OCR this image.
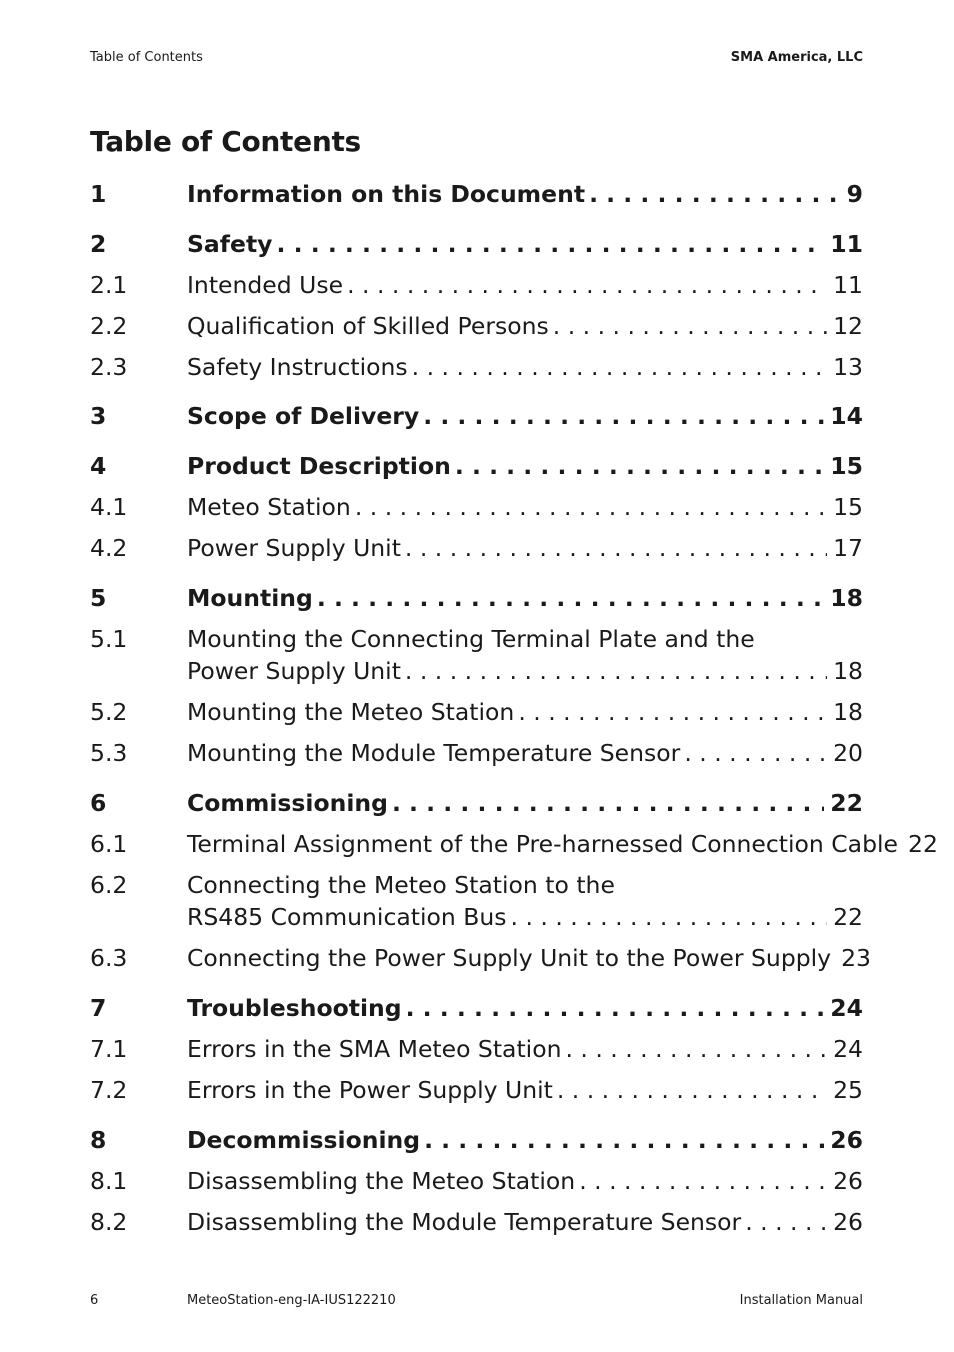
Table of Contents	SMA America, LLC
Table of Contents
1	Information on this Document . . .	9
2	Safety . . .	11
2.1	Intended Use . . .	11
2.2	Qualification of Skilled Persons . . .	12
2.3	Safety Instructions . . .	13
3	Scope of Delivery . . .	14
4	Product Description . . .	15
4.1	Meteo Station . . .	15
4.2	Power Supply Unit . . .	17
5	Mounting . . .	18
5.1	Mounting the Connecting Terminal Plate and the
Power Supply Unit . . .	18
5.2	Mounting the Meteo Station . . .	18
5.3	Mounting the Module Temperature Sensor . . .	20
6	Commissioning . . .	22
6.1	Terminal Assignment of the Pre-harnessed Connection Cable . . . 22
6.2	Connecting the Meteo Station to the
RS485 Communication Bus . . .	22
6.3	Connecting the Power Supply Unit to the Power Supply . . . 23
7	Troubleshooting . . .	24
7.1	Errors in the SMA Meteo Station . . .	24
7.2	Errors in the Power Supply Unit . . .	25
8	Decommissioning . . .	26
8.1	Disassembling the Meteo Station . . .	26
8.2	Disassembling the Module Temperature Sensor . . .	26
6	MeteoStation-eng-IA-IUS122210	Installation Manual
